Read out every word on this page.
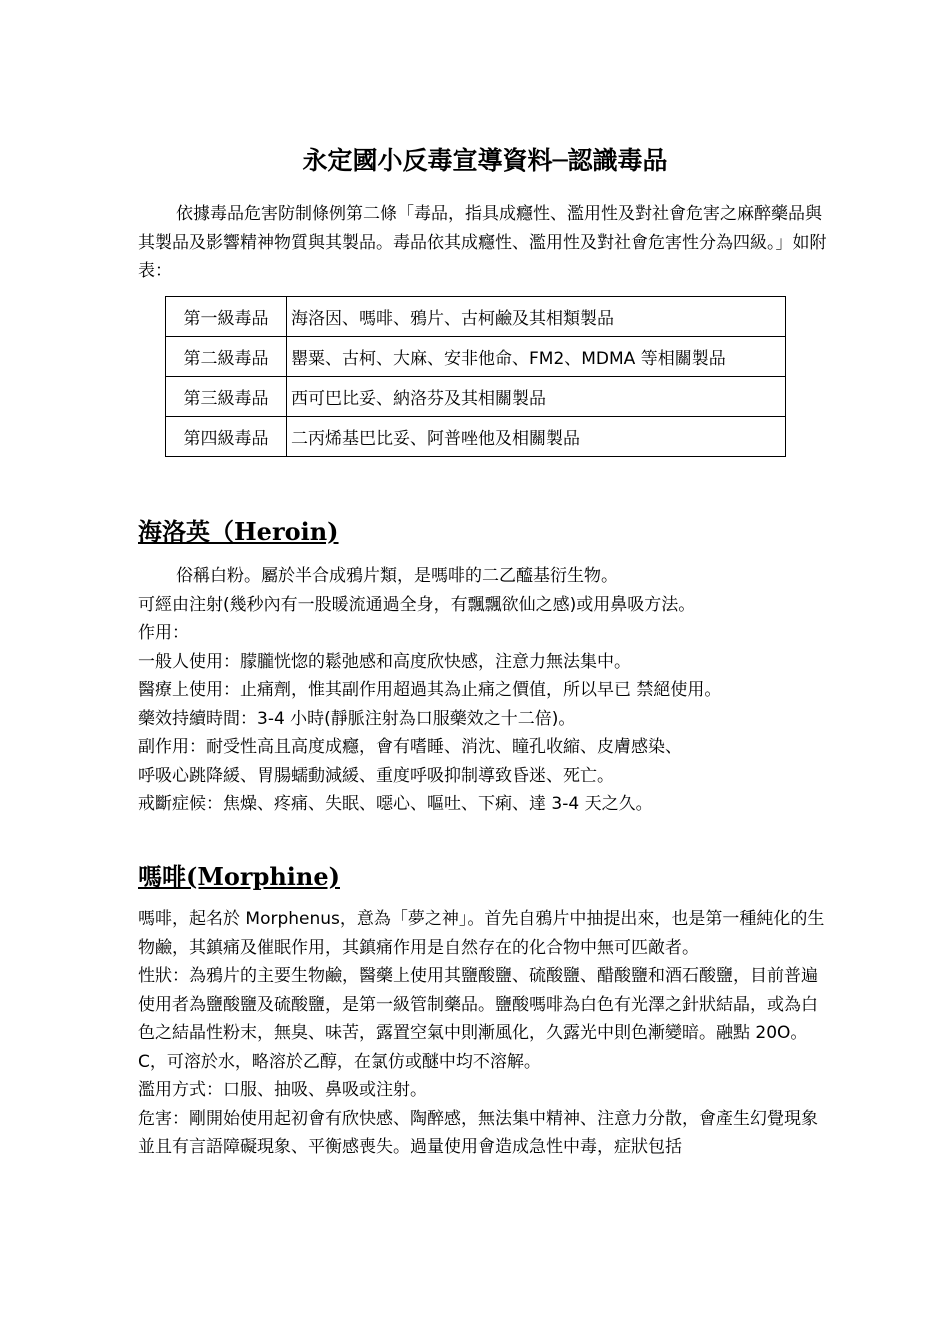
永定國小反毒宣導資料─認識毒品
依據毒品危害防制條例第二條「毒品，指具成癮性、濫用性及對社會危害之麻醉藥品與其製品及影響精神物質與其製品。毒品依其成癮性、濫用性及對社會危害性分為四級。」如附表：
第一級毒品	海洛因、嗎啡、鴉片、古柯鹼及其相類製品
第二級毒品	罌粟、古柯、大麻、安非他命、FM2、MDMA 等相關製品
第三級毒品	西可巴比妥、納洛芬及其相關製品
第四級毒品	二丙烯基巴比妥、阿普唑他及相關製品
海洛英（Heroin)
俗稱白粉。屬於半合成鴉片類，是嗎啡的二乙醯基衍生物。
可經由注射(幾秒內有一股暖流通過全身，有飄飄欲仙之感)或用鼻吸方法。
作用：
一般人使用：朦朧恍惚的鬆弛感和高度欣快感，注意力無法集中。
醫療上使用：止痛劑，惟其副作用超過其為止痛之價值，所以早已 禁絕使用。
藥效持續時間：3-4 小時(靜脈注射為口服藥效之十二倍)。
副作用：耐受性高且高度成癮，會有嗜睡、消沈、瞳孔收縮、皮膚感染、
呼吸心跳降緩、胃腸蠕動減緩、重度呼吸抑制導致昏迷、死亡。
戒斷症候：焦燥、疼痛、失眠、噁心、嘔吐、下痢、達 3-4 天之久。
嗎啡(Morphine)
嗎啡，起名於 Morphenus，意為「夢之神」。首先自鴉片中抽提出來，也是第一種純化的生物鹼，其鎮痛及催眠作用，其鎮痛作用是自然存在的化合物中無可匹敵者。
性狀：為鴉片的主要生物鹼，醫藥上使用其鹽酸鹽、硫酸鹽、醋酸鹽和酒石酸鹽，目前普遍使用者為鹽酸鹽及硫酸鹽，是第一級管制藥品。鹽酸嗎啡為白色有光澤之針狀結晶，或為白色之結晶性粉末，無臭、味苦，露置空氣中則漸風化，久露光中則色漸變暗。融點 20O。C，可溶於水，略溶於乙醇，在氯仿或醚中均不溶解。
濫用方式：口服、抽吸、鼻吸或注射。
危害：剛開始使用起初會有欣快感、陶醉感，無法集中精神、注意力分散，會產生幻覺現象並且有言語障礙現象、平衡感喪失。過量使用會造成急性中毒，症狀包括
